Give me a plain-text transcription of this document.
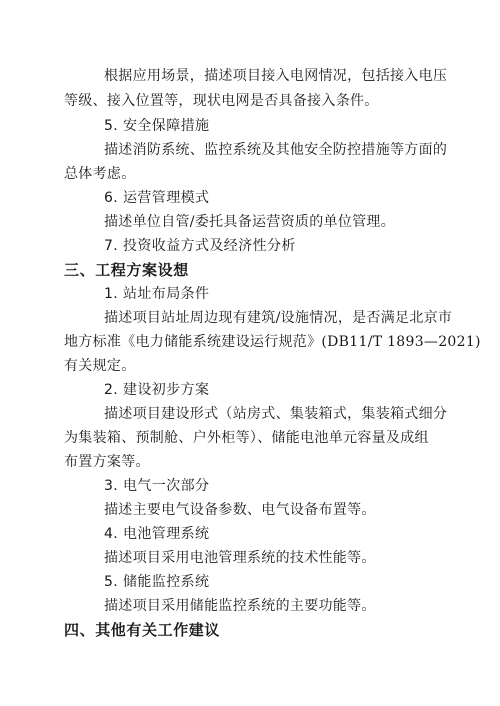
根据应用场景，描述项目接入电网情况，包括接入电压
等级、接入位置等，现状电网是否具备接入条件。
5. 安全保障措施
描述消防系统、监控系统及其他安全防控措施等方面的
总体考虑。
6. 运营管理模式
描述单位自管/委托具备运营资质的单位管理。
7. 投资收益方式及经济性分析
三、工程方案设想
1. 站址布局条件
描述项目站址周边现有建筑/设施情况，是否满足北京市
地方标准《电力储能系统建设运行规范》(DB11/T 1893—2021)
有关规定。
2. 建设初步方案
描述项目建设形式（站房式、集装箱式，集装箱式细分
为集装箱、预制舱、户外柜等）、储能电池单元容量及成组
布置方案等。
3. 电气一次部分
描述主要电气设备参数、电气设备布置等。
4. 电池管理系统
描述项目采用电池管理系统的技术性能等。
5. 储能监控系统
描述项目采用储能监控系统的主要功能等。
四、其他有关工作建议
